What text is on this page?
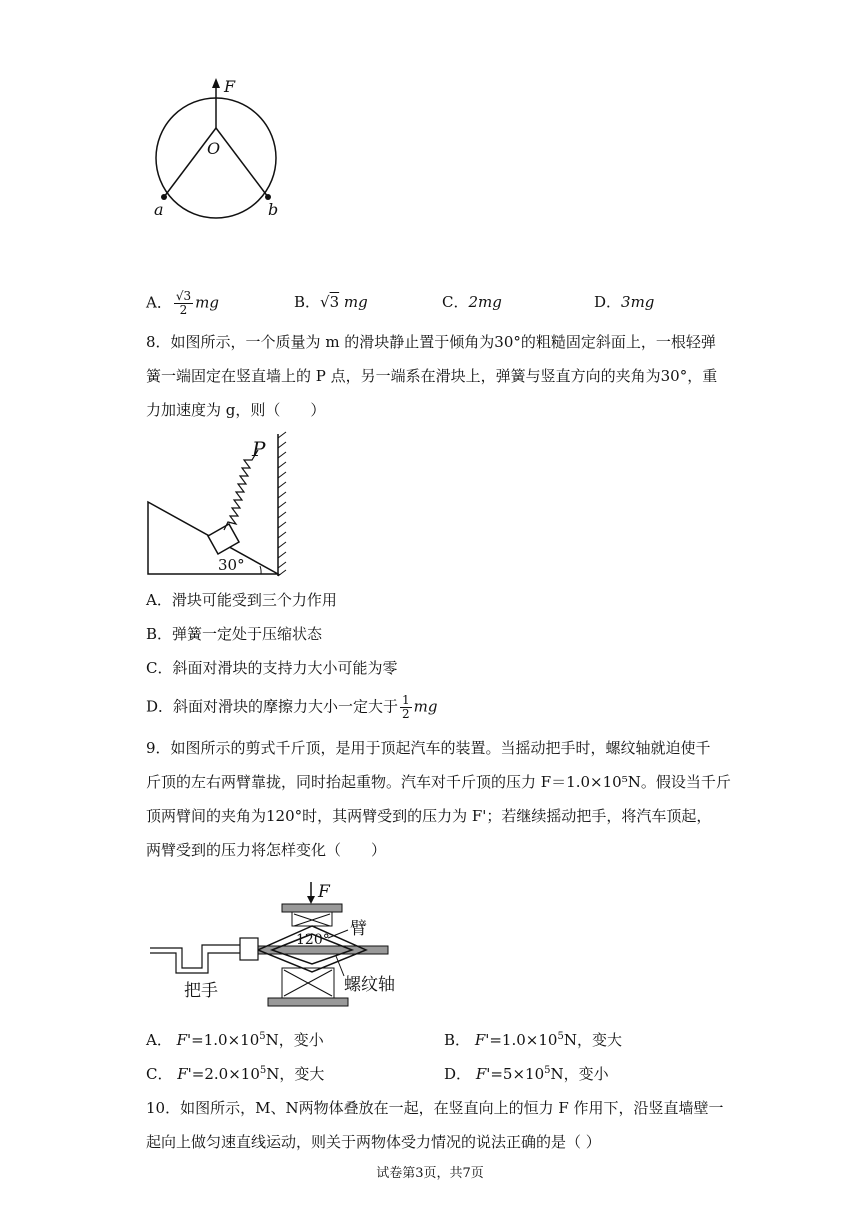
F
O
a	b
A． $\frac{√3}{2}$ mg	B．√3 mg	C．2mg	D．3mg
8．如图所示，一个质量为 m 的滑块静止置于倾角为30°的粗糙固定斜面上，一根轻弹
簧一端固定在竖直墙上的 P 点，另一端系在滑块上，弹簧与竖直方向的夹角为30°，重
力加速度为 g，则（　　）
P
30°
A．滑块可能受到三个力作用
B．弹簧一定处于压缩状态
C．斜面对滑块的支持力大小可能为零
D．斜面对滑块的摩擦力大小一定大于 $\frac{1}{2}$ mg
9．如图所示的剪式千斤顶，是用于顶起汽车的装置。当摇动把手时，螺纹轴就迫使千
斤顶的左右两臂靠拢，同时抬起重物。汽车对千斤顶的压力 F＝1.0×10⁵N。假设当千斤
顶两臂间的夹角为120°时，其两臂受到的压力为 F'；若继续摇动把手，将汽车顶起，
两臂受到的压力将怎样变化（　　）
F
120°
臂
把手	螺纹轴
A． $F'=1.0\times 10^5N$，变小	B． $F'=1.0\times 10^5N$，变大
C． $F'=2.0\times 10^5N$，变大	D． $F'=5\times 10^5N$，变小
10．如图所示，M、N两物体叠放在一起，在竖直向上的恒力 F 作用下，沿竖直墙壁一
起向上做匀速直线运动，则关于两物体受力情况的说法正确的是（ ）
试卷第3页，共7页
